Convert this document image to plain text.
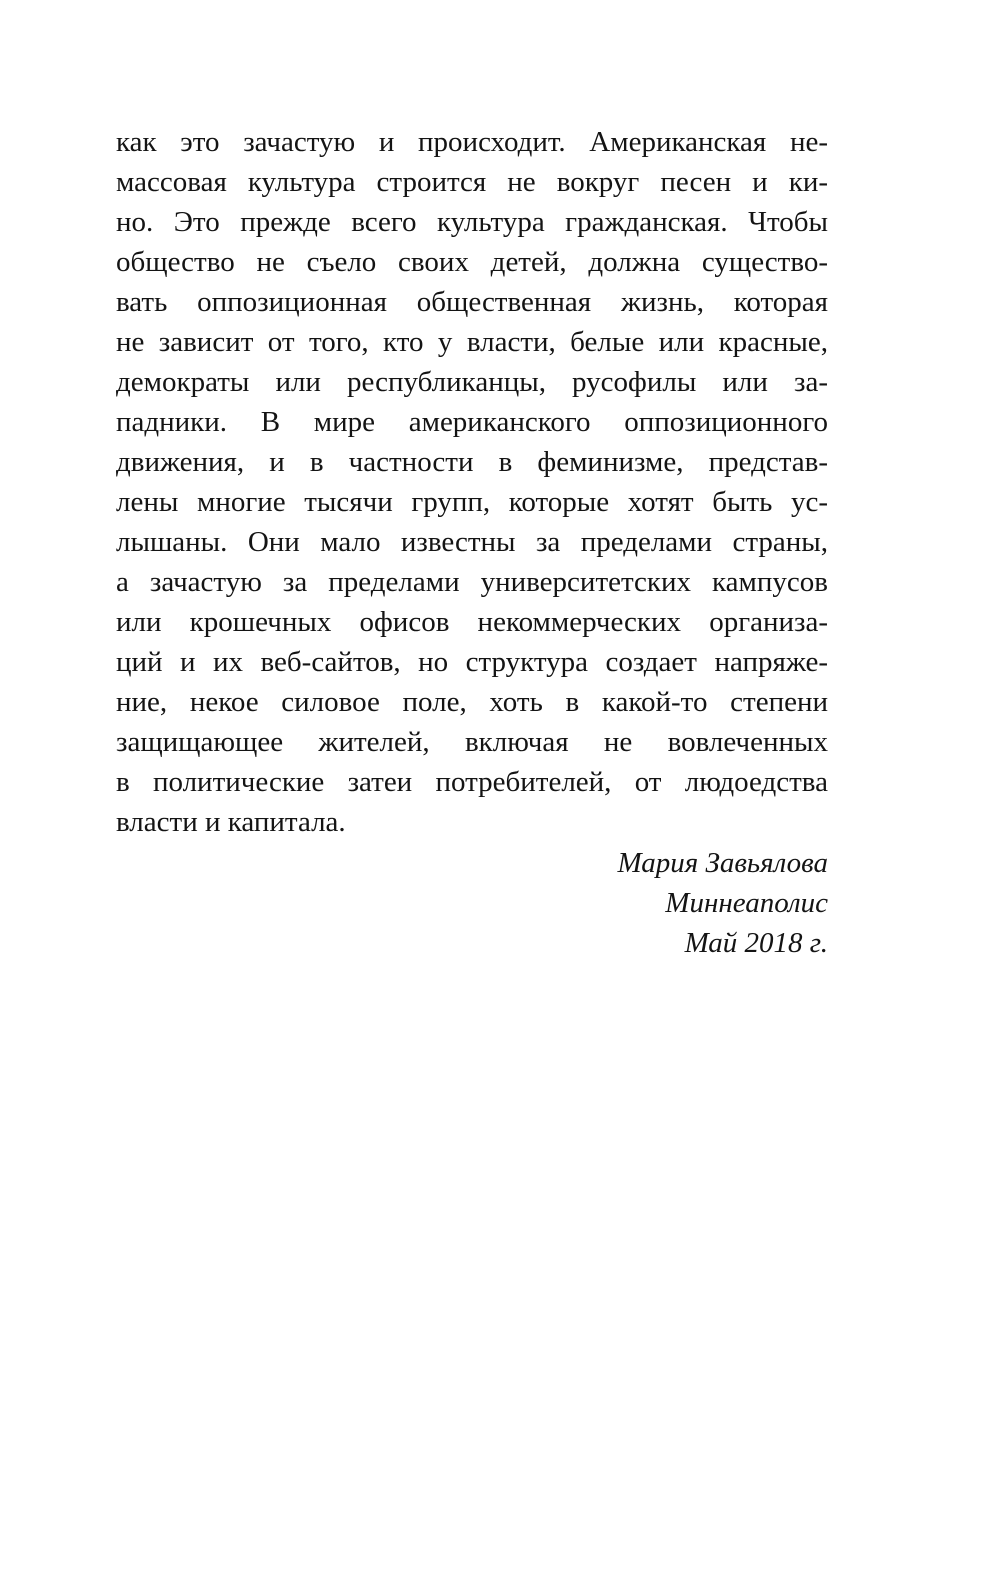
как это зачастую и происходит. Американская не-
массовая культура строится не вокруг песен и ки-
но. Это прежде всего культура гражданская. Чтобы
общество не съело своих детей, должна существо-
вать оппозиционная общественная жизнь, которая
не зависит от того, кто у власти, белые или красные,
демократы или республиканцы, русофилы или за-
падники. В мире американского оппозиционного
движения, и в частности в феминизме, представ-
лены многие тысячи групп, которые хотят быть ус-
лышаны. Они мало известны за пределами страны,
а зачастую за пределами университетских кампусов
или крошечных офисов некоммерческих организа-
ций и их веб-сайтов, но структура создает напряже-
ние, некое силовое поле, хоть в какой-то степени
защищающее жителей, включая не вовлеченных
в политические затеи потребителей, от людоедства
власти и капитала.
Мария Завьялова
Миннеаполис
Май 2018 г.
